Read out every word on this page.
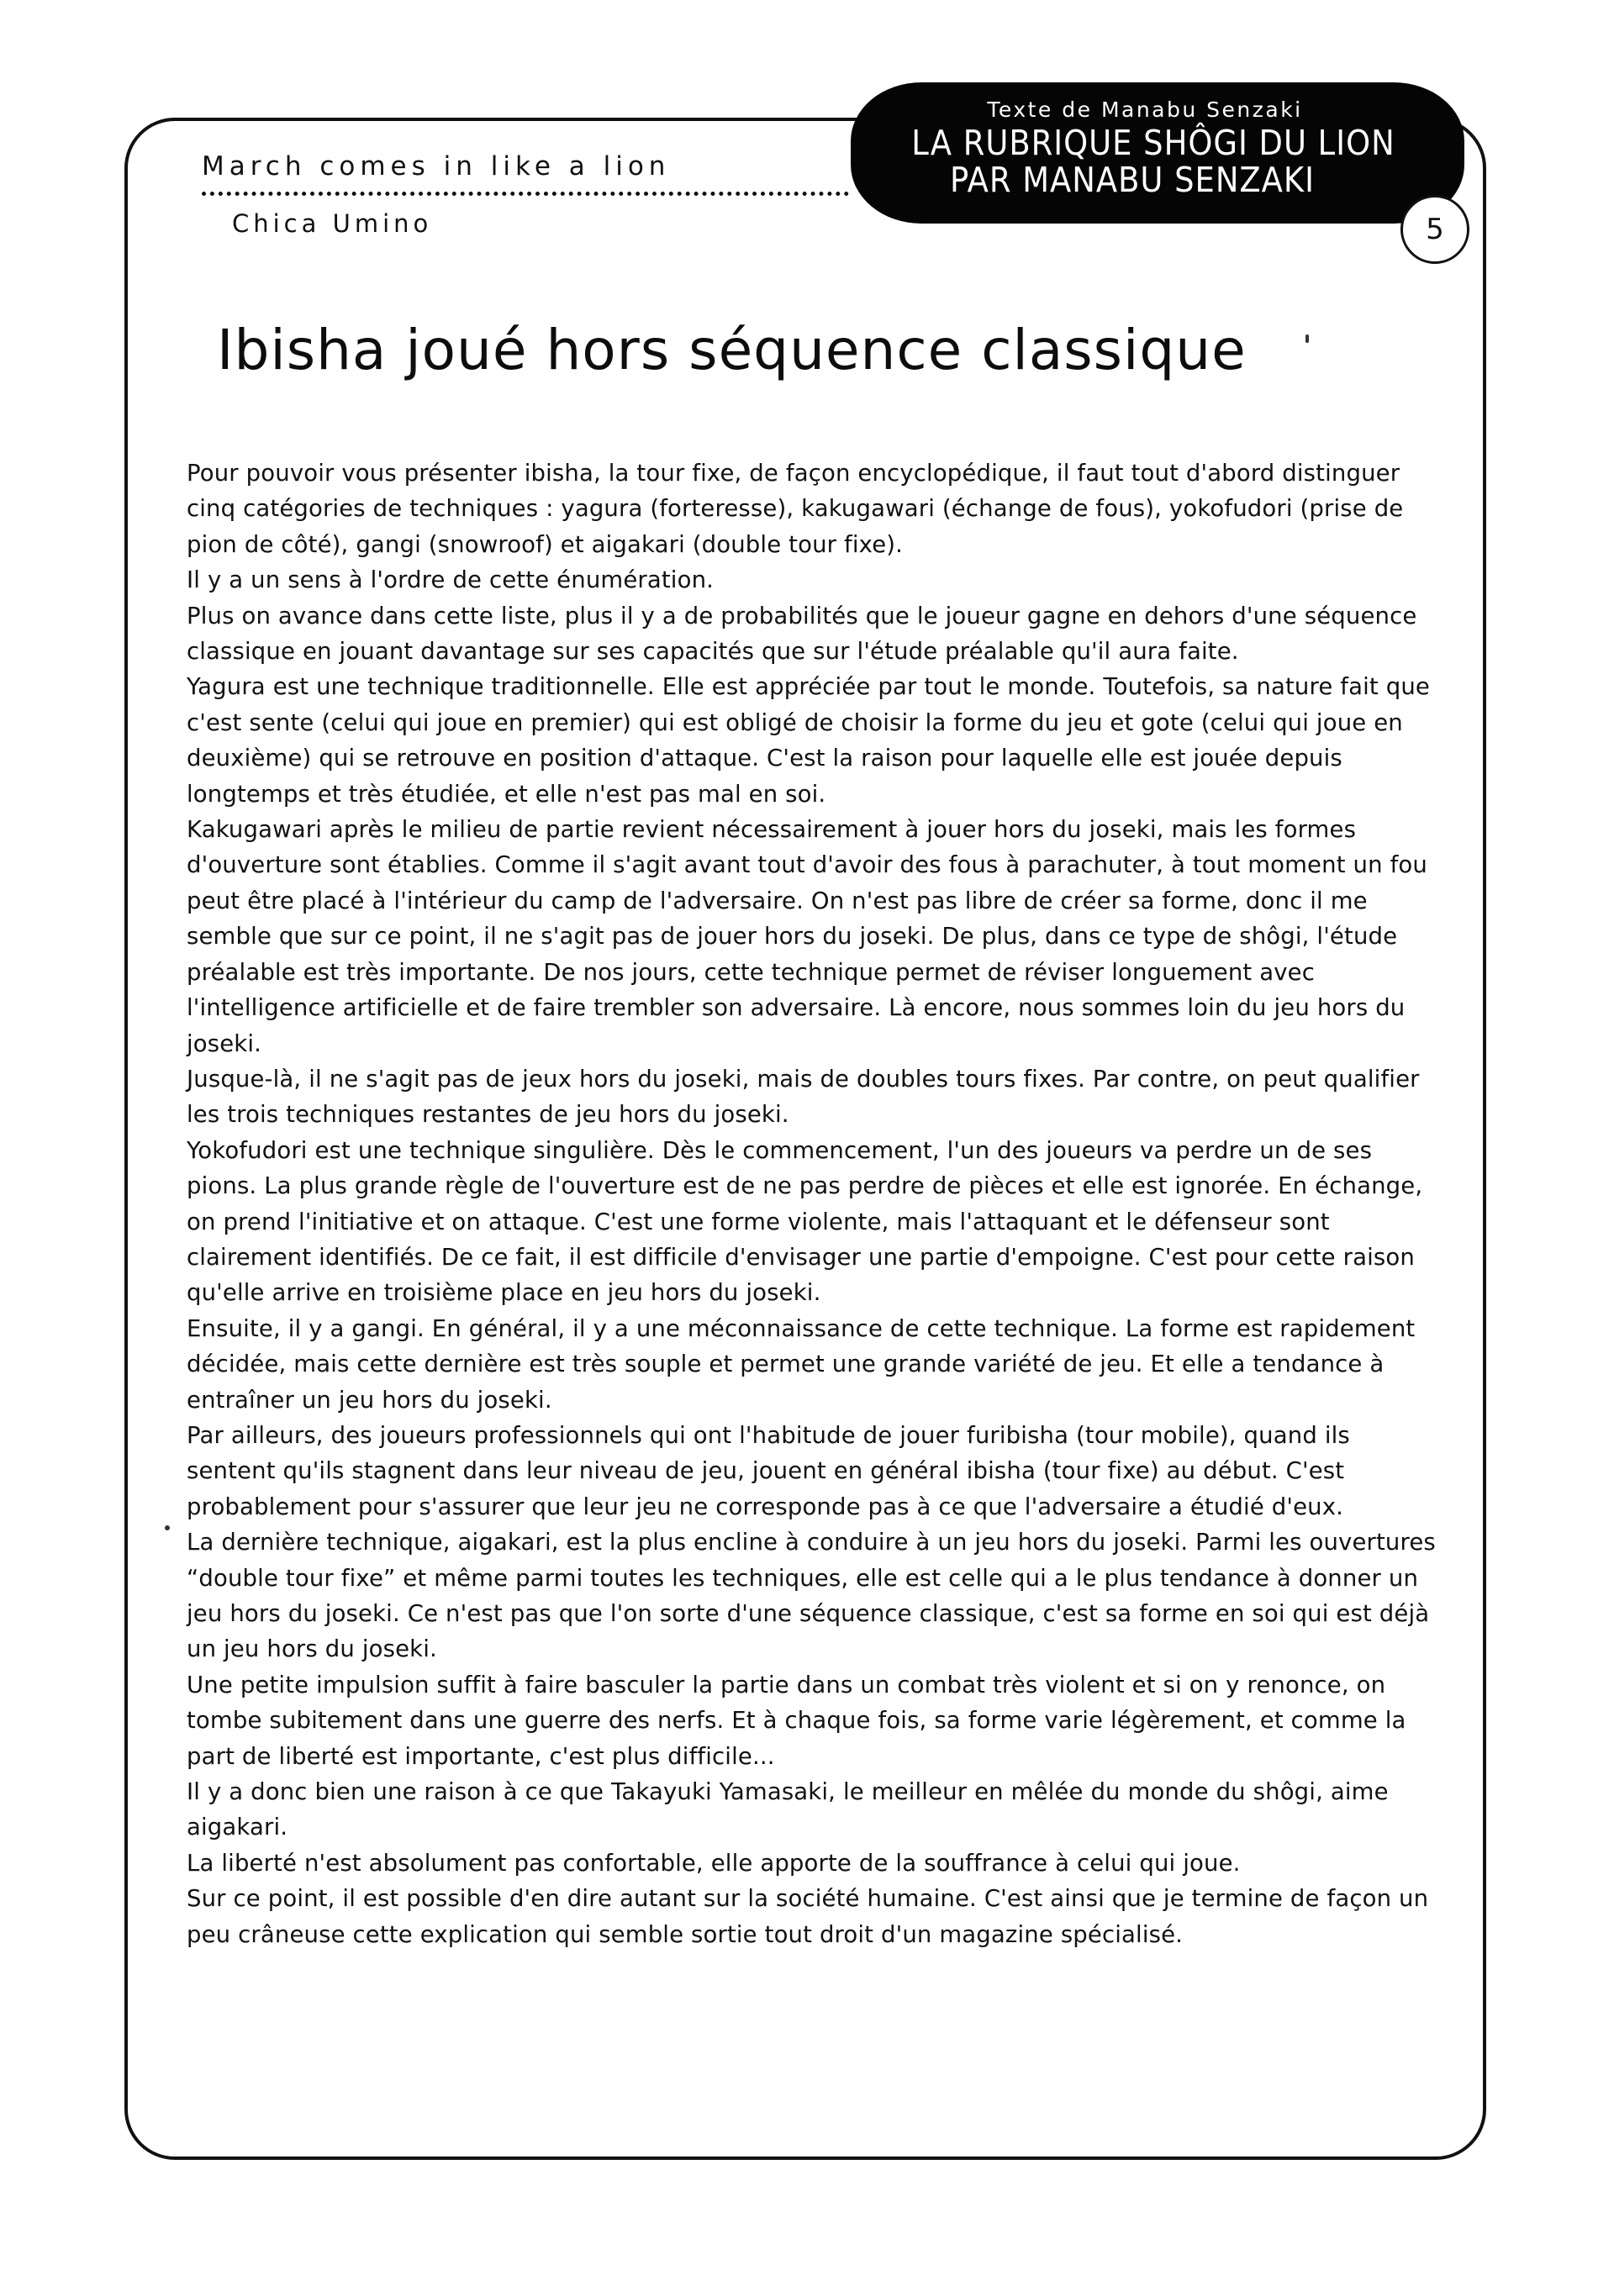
March comes in like a lion
Chica Umino
Texte de Manabu Senzaki
LA RUBRIQUE SHÔGI DU LION
PAR MANABU SENZAKI
5
Ibisha joué hors séquence classique

Pour pouvoir vous présenter ibisha, la tour fixe, de façon encyclopédique, il faut tout d'abord distinguer cinq catégories de techniques : yagura (forteresse), kakugawari (échange de fous), yokofudori (prise de pion de côté), gangi (snowroof) et aigakari (double tour fixe).

Il y a un sens à l'ordre de cette énumération.

Plus on avance dans cette liste, plus il y a de probabilités que le joueur gagne en dehors d'une séquence classique en jouant davantage sur ses capacités que sur l'étude préalable qu'il aura faite.

Yagura est une technique traditionnelle. Elle est appréciée par tout le monde. Toutefois, sa nature fait que c'est sente (celui qui joue en premier) qui est obligé de choisir la forme du jeu et gote (celui qui joue en deuxième) qui se retrouve en position d'attaque. C'est la raison pour laquelle elle est jouée depuis longtemps et très étudiée, et elle n'est pas mal en soi.

Kakugawari après le milieu de partie revient nécessairement à jouer hors du joseki, mais les formes d'ouverture sont établies. Comme il s'agit avant tout d'avoir des fous à parachuter, à tout moment un fou peut être placé à l'intérieur du camp de l'adversaire. On n'est pas libre de créer sa forme, donc il me semble que sur ce point, il ne s'agit pas de jouer hors du joseki. De plus, dans ce type de shôgi, l'étude préalable est très importante. De nos jours, cette technique permet de réviser longuement avec l'intelligence artificielle et de faire trembler son adversaire. Là encore, nous sommes loin du jeu hors du joseki.

Jusque-là, il ne s'agit pas de jeux hors du joseki, mais de doubles tours fixes. Par contre, on peut qualifier les trois techniques restantes de jeu hors du joseki.

Yokofudori est une technique singulière. Dès le commencement, l'un des joueurs va perdre un de ses pions. La plus grande règle de l'ouverture est de ne pas perdre de pièces et elle est ignorée. En échange, on prend l'initiative et on attaque. C'est une forme violente, mais l'attaquant et le défenseur sont clairement identifiés. De ce fait, il est difficile d'envisager une partie d'empoigne. C'est pour cette raison qu'elle arrive en troisième place en jeu hors du joseki.

Ensuite, il y a gangi. En général, il y a une méconnaissance de cette technique. La forme est rapidement décidée, mais cette dernière est très souple et permet une grande variété de jeu. Et elle a tendance à entraîner un jeu hors du joseki.

Par ailleurs, des joueurs professionnels qui ont l'habitude de jouer furibisha (tour mobile), quand ils sentent qu'ils stagnent dans leur niveau de jeu, jouent en général ibisha (tour fixe) au début. C'est probablement pour s'assurer que leur jeu ne corresponde pas à ce que l'adversaire a étudié d'eux.

La dernière technique, aigakari, est la plus encline à conduire à un jeu hors du joseki. Parmi les ouvertures “double tour fixe” et même parmi toutes les techniques, elle est celle qui a le plus tendance à donner un jeu hors du joseki. Ce n'est pas que l'on sorte d'une séquence classique, c'est sa forme en soi qui est déjà un jeu hors du joseki.

Une petite impulsion suffit à faire basculer la partie dans un combat très violent et si on y renonce, on tombe subitement dans une guerre des nerfs. Et à chaque fois, sa forme varie légèrement, et comme la part de liberté est importante, c'est plus difficile...

Il y a donc bien une raison à ce que Takayuki Yamasaki, le meilleur en mêlée du monde du shôgi, aime aigakari.

La liberté n'est absolument pas confortable, elle apporte de la souffrance à celui qui joue.

Sur ce point, il est possible d'en dire autant sur la société humaine. C'est ainsi que je termine de façon un peu crâneuse cette explication qui semble sortie tout droit d'un magazine spécialisé.
